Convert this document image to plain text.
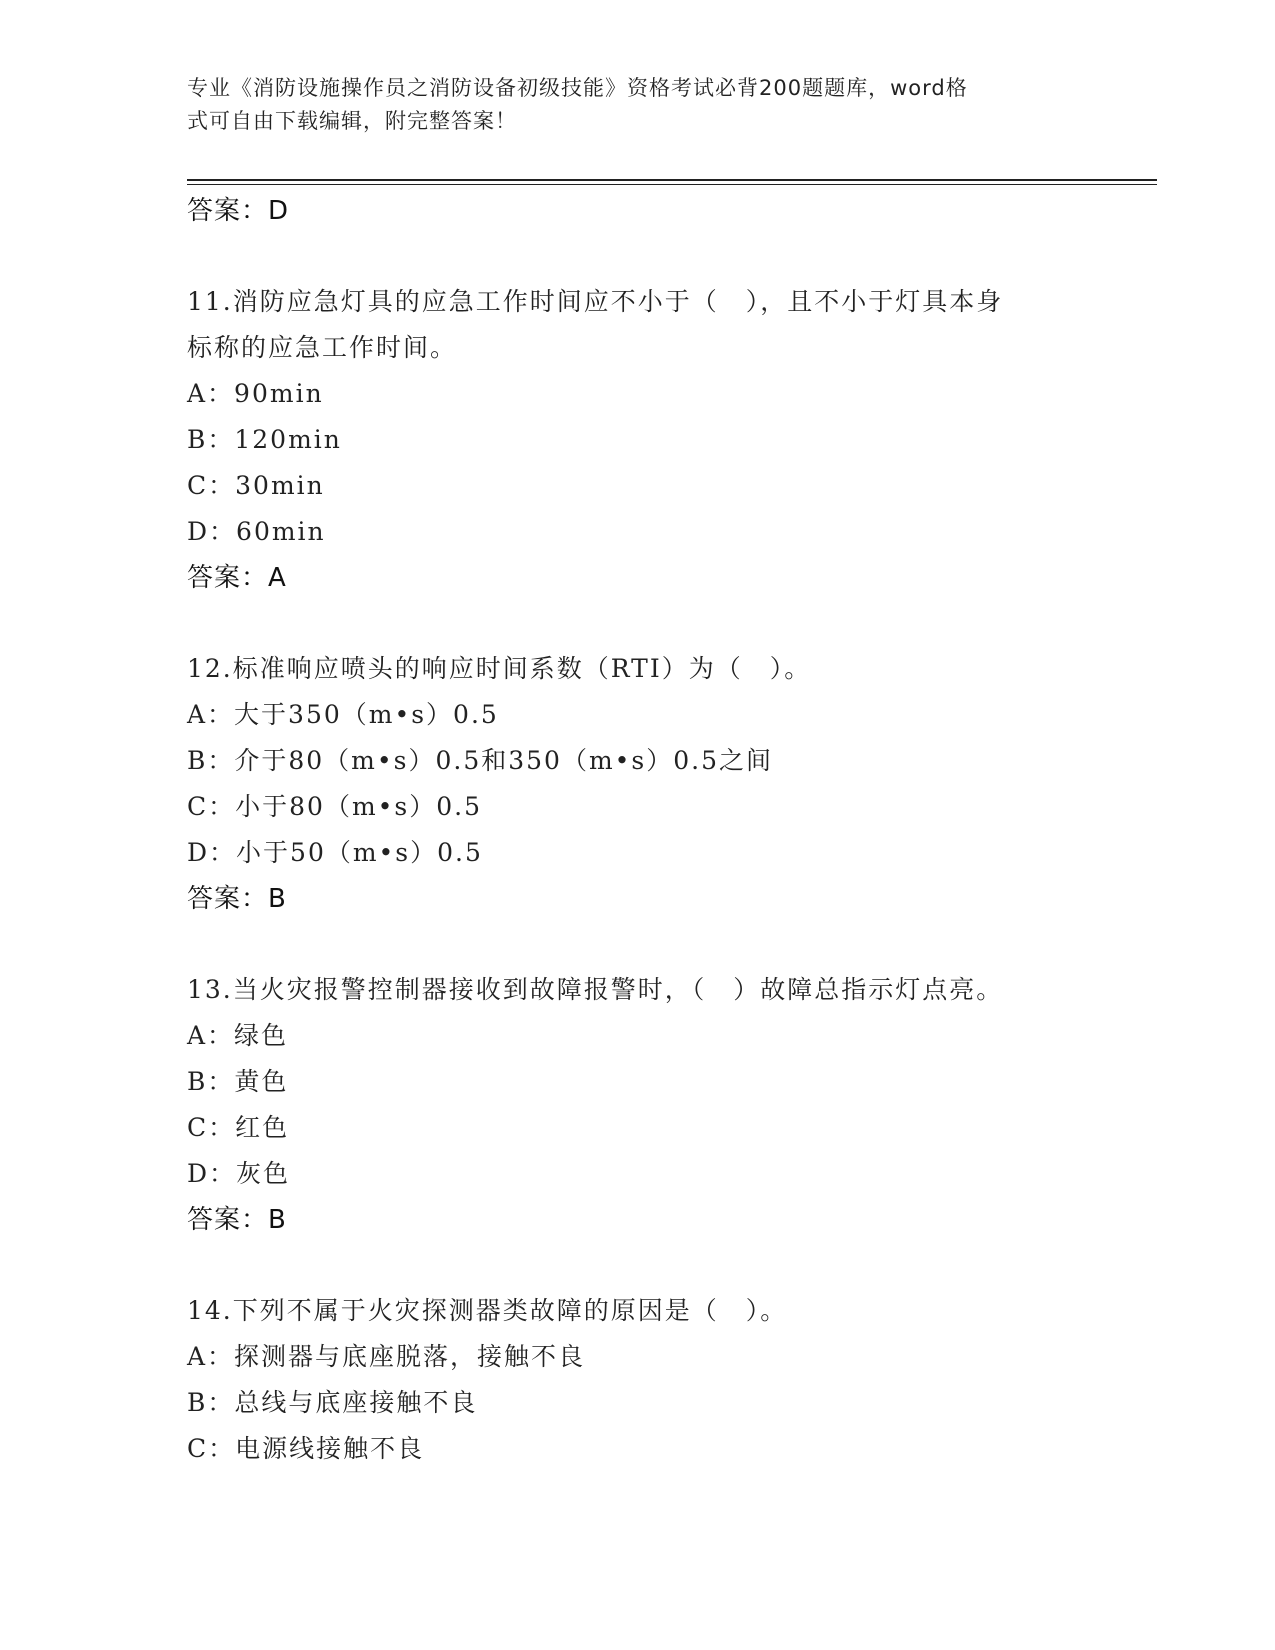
专业《消防设施操作员之消防设备初级技能》资格考试必背200题题库，word格
式可自由下载编辑，附完整答案！
答案：D
11.消防应急灯具的应急工作时间应不小于（　），且不小于灯具本身
标称的应急工作时间。
A：90min
B：120min
C：30min
D：60min
答案：A
12.标准响应喷头的响应时间系数（RTI）为（　）。
A：大于350（m•s）0.5
B：介于80（m•s）0.5和350（m•s）0.5之间
C：小于80（m•s）0.5
D：小于50（m•s）0.5
答案：B
13.当火灾报警控制器接收到故障报警时，（　）故障总指示灯点亮。
A：绿色
B：黄色
C：红色
D：灰色
答案：B
14.下列不属于火灾探测器类故障的原因是（　）。
A：探测器与底座脱落，接触不良
B：总线与底座接触不良
C：电源线接触不良
